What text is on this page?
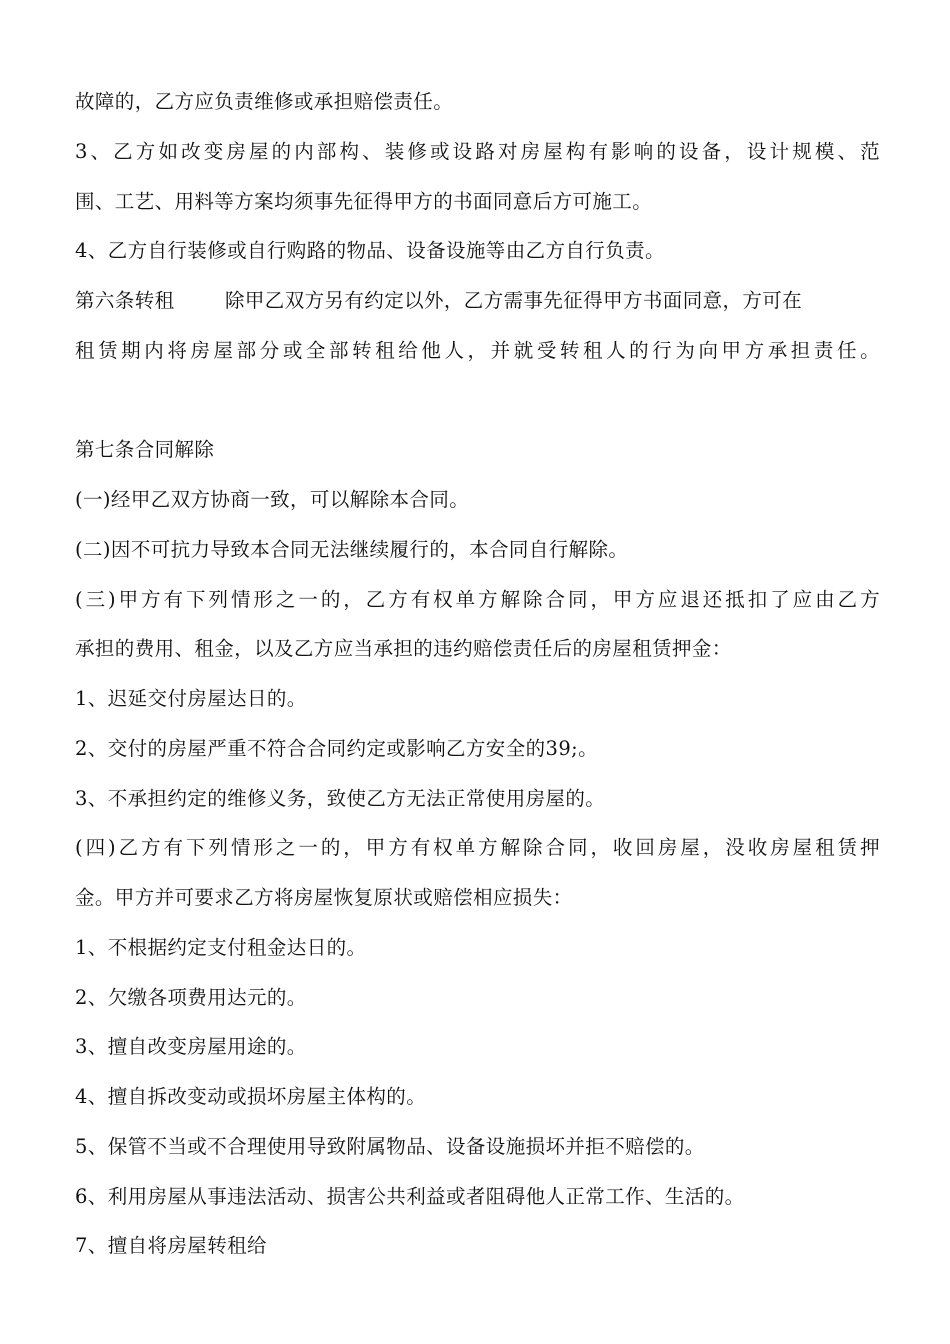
故障的，乙方应负责维修或承担赔偿责任。
3、乙方如改变房屋的内部构、装修或设路对房屋构有影响的设备，设计规模、范
围、工艺、用料等方案均须事先征得甲方的书面同意后方可施工。
4、乙方自行装修或自行购路的物品、设备设施等由乙方自行负责。
第六条转租	除甲乙双方另有约定以外，乙方需事先征得甲方书面同意，方可在
租赁期内将房屋部分或全部转租给他人，并就受转租人的行为向甲方承担责任。
第七条合同解除
(一)经甲乙双方协商一致，可以解除本合同。
(二)因不可抗力导致本合同无法继续履行的，本合同自行解除。
(三)甲方有下列情形之一的，乙方有权单方解除合同，甲方应退还抵扣了应由乙方
承担的费用、租金，以及乙方应当承担的违约赔偿责任后的房屋租赁押金：
1、迟延交付房屋达日的。
2、交付的房屋严重不符合合同约定或影响乙方安全的39;。
3、不承担约定的维修义务，致使乙方无法正常使用房屋的。
(四)乙方有下列情形之一的，甲方有权单方解除合同，收回房屋，没收房屋租赁押
金。甲方并可要求乙方将房屋恢复原状或赔偿相应损失：
1、不根据约定支付租金达日的。
2、欠缴各项费用达元的。
3、擅自改变房屋用途的。
4、擅自拆改变动或损坏房屋主体构的。
5、保管不当或不合理使用导致附属物品、设备设施损坏并拒不赔偿的。
6、利用房屋从事违法活动、损害公共利益或者阻碍他人正常工作、生活的。
7、擅自将房屋转租给
